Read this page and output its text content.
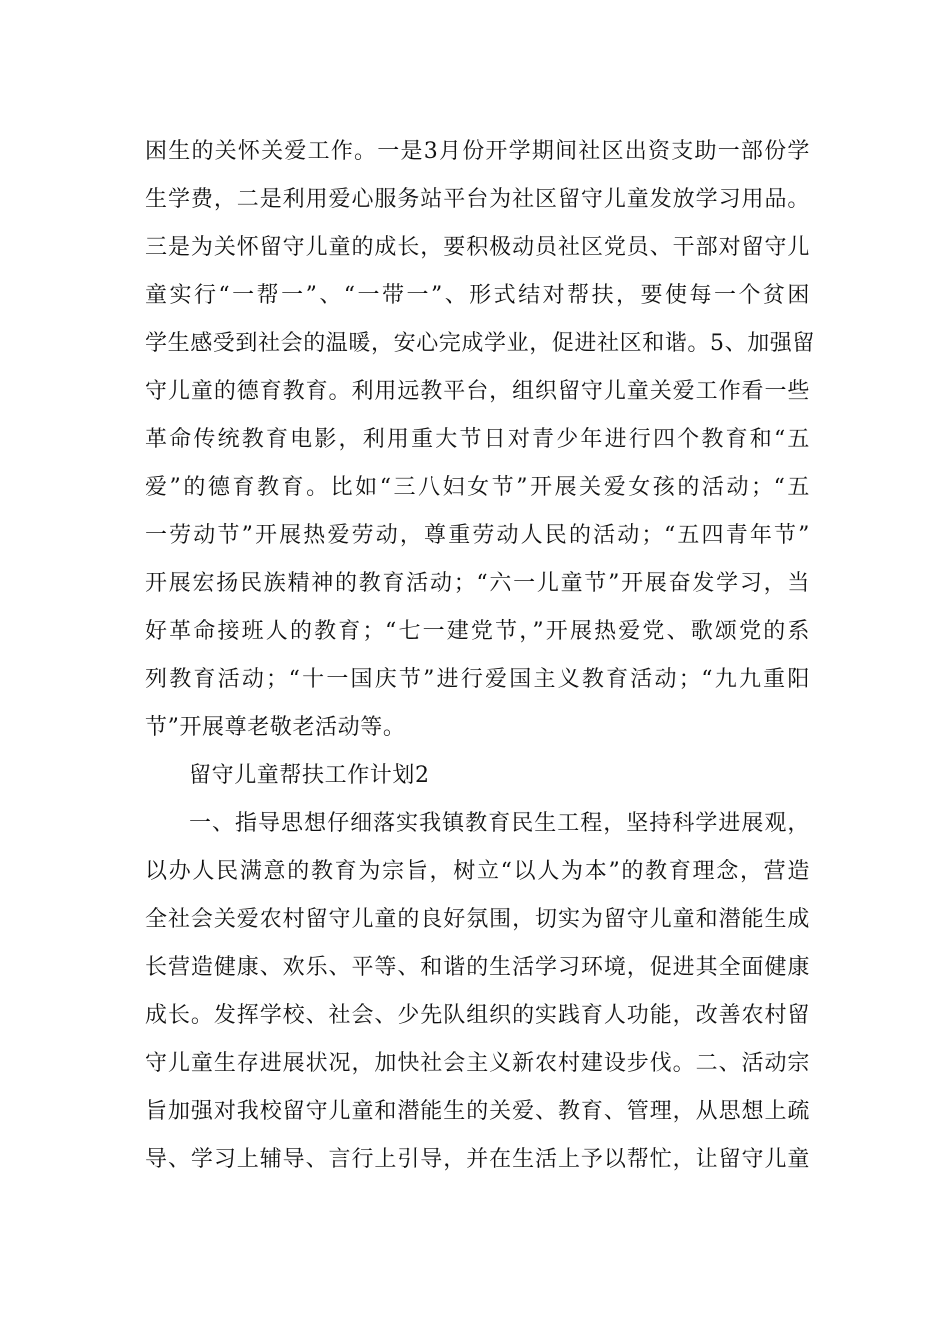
困生的关怀关爱工作。一是3月份开学期间社区出资支助一部份学
生学费，二是利用爱心服务站平台为社区留守儿童发放学习用品。
三是为关怀留守儿童的成长，要积极动员社区党员、干部对留守儿
童实行“一帮一”、“一带一”、形式结对帮扶，要使每一个贫困
学生感受到社会的温暖，安心完成学业，促进社区和谐。5、加强留
守儿童的德育教育。利用远教平台，组织留守儿童关爱工作看一些
革命传统教育电影，利用重大节日对青少年进行四个教育和“五
爱”的德育教育。比如“三八妇女节”开展关爱女孩的活动；“五
一劳动节”开展热爱劳动，尊重劳动人民的活动；“五四青年节”
开展宏扬民族精神的教育活动；“六一儿童节”开展奋发学习，当
好革命接班人的教育；“七一建党节，”开展热爱党、歌颂党的系
列教育活动；“十一国庆节”进行爱国主义教育活动；“九九重阳
节”开展尊老敬老活动等。
留守儿童帮扶工作计划2
一、指导思想仔细落实我镇教育民生工程，坚持科学进展观，
以办人民满意的教育为宗旨，树立“以人为本”的教育理念，营造
全社会关爱农村留守儿童的良好氛围，切实为留守儿童和潜能生成
长营造健康、欢乐、平等、和谐的生活学习环境，促进其全面健康
成长。发挥学校、社会、少先队组织的实践育人功能，改善农村留
守儿童生存进展状况，加快社会主义新农村建设步伐。二、活动宗
旨加强对我校留守儿童和潜能生的关爱、教育、管理，从思想上疏
导、学习上辅导、言行上引导，并在生活上予以帮忙，让留守儿童
